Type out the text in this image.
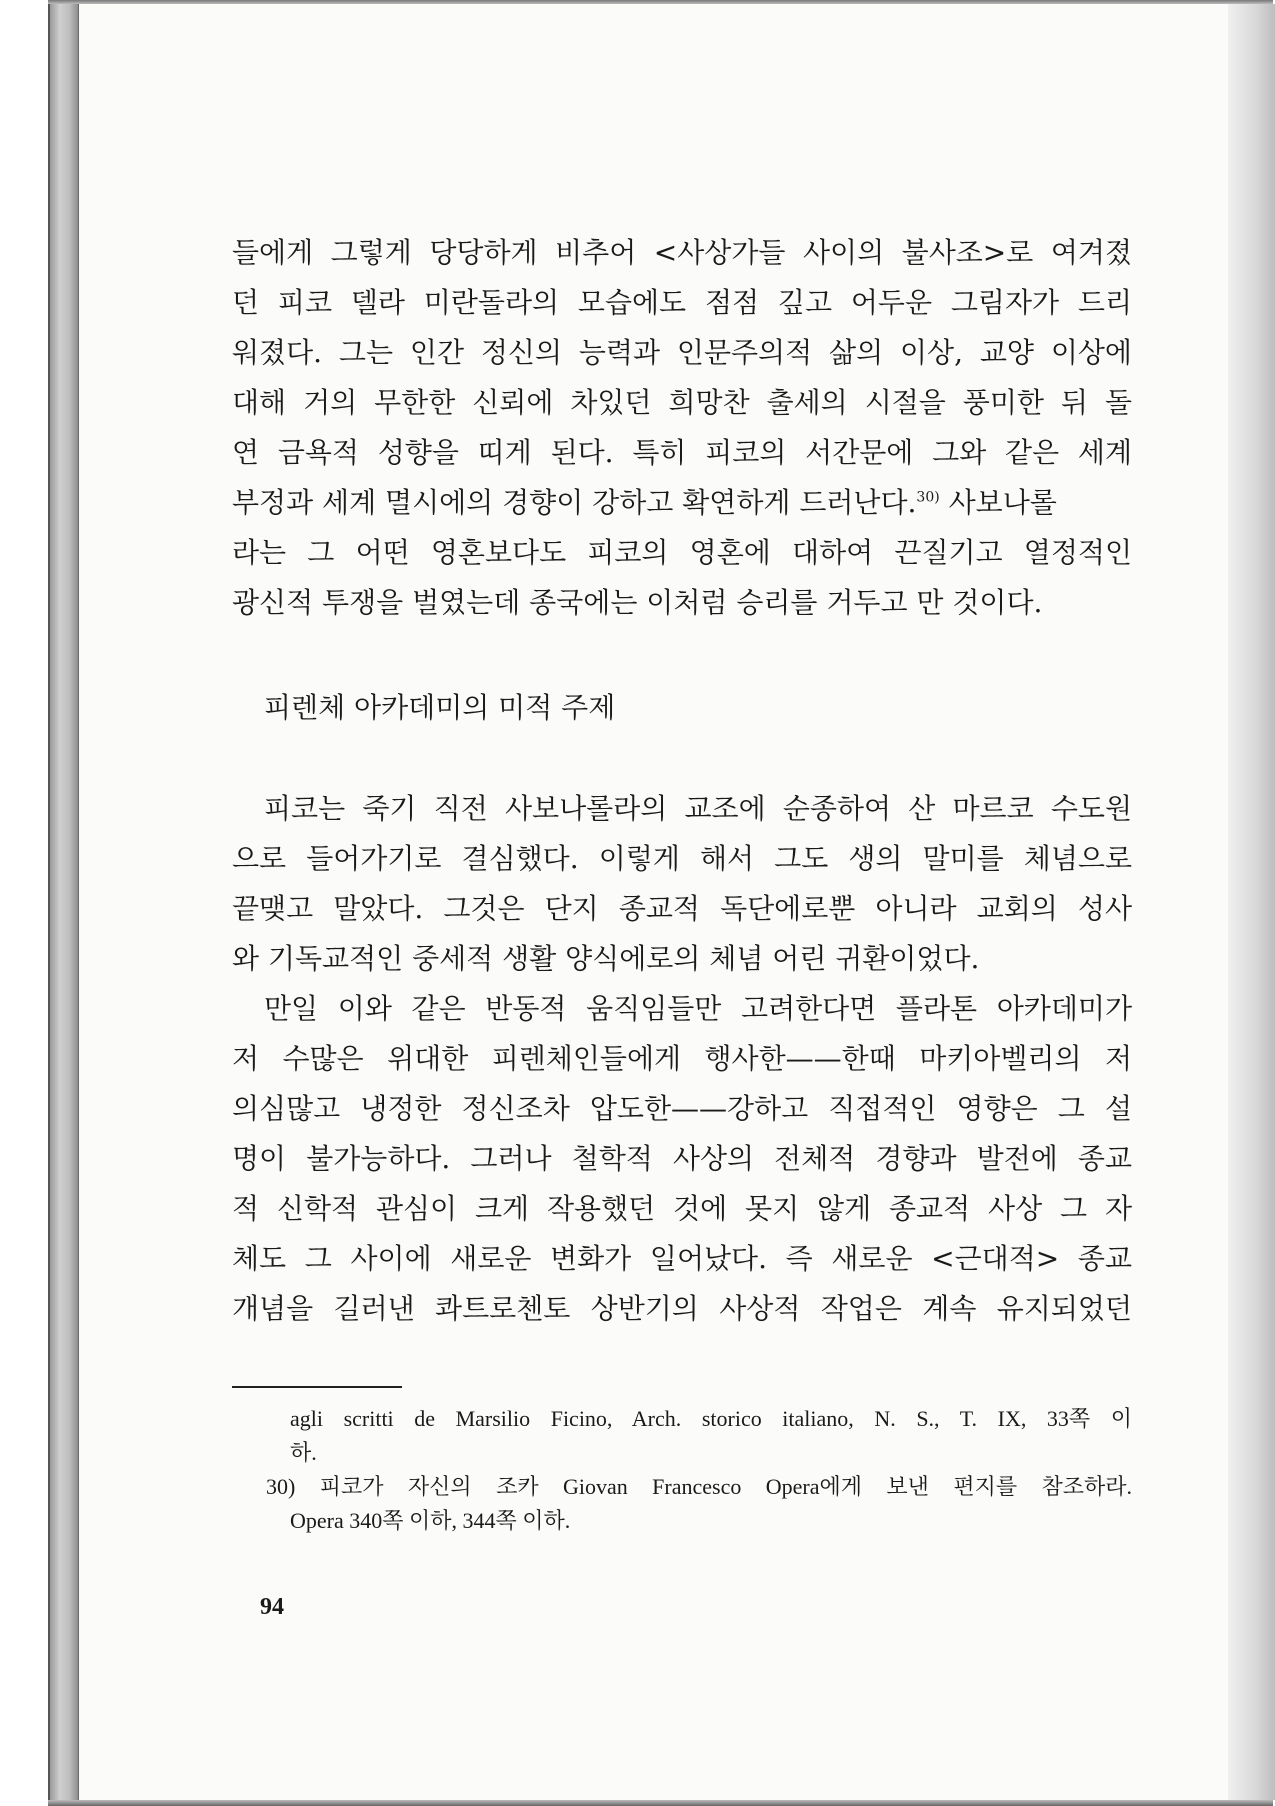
들에게 그렇게 당당하게 비추어 <사상가들 사이의 불사조>로 여겨졌
던 피코 델라 미란돌라의 모습에도 점점 깊고 어두운 그림자가 드리
워졌다. 그는 인간 정신의 능력과 인문주의적 삶의 이상, 교양 이상에
대해 거의 무한한 신뢰에 차있던 희망찬 출세의 시절을 풍미한 뒤 돌
연 금욕적 성향을 띠게 된다. 특히 피코의 서간문에 그와 같은 세계
부정과 세계 멸시에의 경향이 강하고 확연하게 드러난다.$^{30)}$ 사보나롤
라는 그 어떤 영혼보다도 피코의 영혼에 대하여 끈질기고 열정적인
광신적 투쟁을 벌였는데 종국에는 이처럼 승리를 거두고 만 것이다.
피렌체 아카데미의 미적 주제
피코는 죽기 직전 사보나롤라의 교조에 순종하여 산 마르코 수도원
으로 들어가기로 결심했다. 이렇게 해서 그도 생의 말미를 체념으로
끝맺고 말았다. 그것은 단지 종교적 독단에로뿐 아니라 교회의 성사
와 기독교적인 중세적 생활 양식에로의 체념 어린 귀환이었다.
만일 이와 같은 반동적 움직임들만 고려한다면 플라톤 아카데미가
저 수많은 위대한 피렌체인들에게 행사한——한때 마키아벨리의 저
의심많고 냉정한 정신조차 압도한——강하고 직접적인 영향은 그 설
명이 불가능하다. 그러나 철학적 사상의 전체적 경향과 발전에 종교
적 신학적 관심이 크게 작용했던 것에 못지 않게 종교적 사상 그 자
체도 그 사이에 새로운 변화가 일어났다. 즉 새로운 <근대적> 종교
개념을 길러낸 콰트로첸토 상반기의 사상적 작업은 계속 유지되었던
agli scritti de Marsilio Ficino, Arch. storico italiano, N. S., T. IX, 33쪽 이
하.
30) 피코가 자신의 조카 Giovan Francesco Opera에게 보낸 편지를 참조하라.
Opera 340쪽 이하, 344쪽 이하.
94
